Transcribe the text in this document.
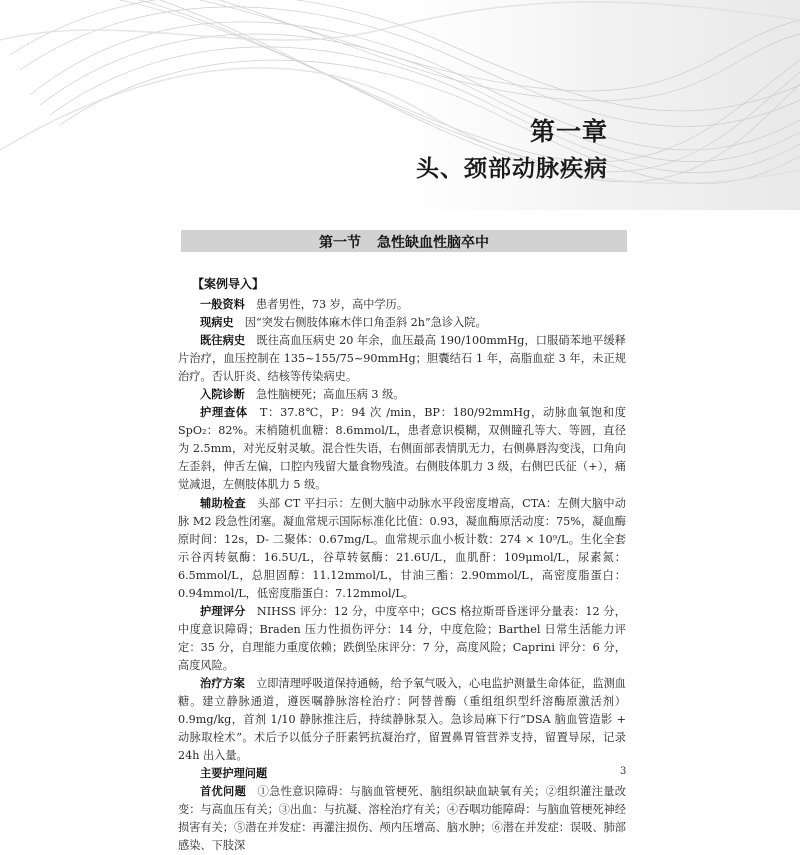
第一章
头、颈部动脉疾病
第一节 急性缺血性脑卒中
【案例导入】

一般资料　 患者男性，73 岁，高中学历。

现病史　 因“突发右侧肢体麻木伴口角歪斜 2h”急诊入院。

既往病史　 既往高血压病史 20 年余，血压最高 190/100mmHg，口服硝苯地平缓释片治疗，血压控制在 135~155/75~90mmHg；胆囊结石 1 年，高脂血症 3 年，未正规治疗。否认肝炎、结核等传染病史。

入院诊断　 急性脑梗死；高血压病 3 级。

护理查体　 T：37.8℃，P：94 次 /min，BP：180/92mmHg，动脉血氧饱和度 SpO₂：82%。末梢随机血糖：8.6mmol/L，患者意识模糊，双侧瞳孔等大、等圆，直径为 2.5mm，对光反射灵敏。混合性失语，右侧面部表情肌无力，右侧鼻唇沟变浅，口角向左歪斜，伸舌左偏，口腔内残留大量食物残渣。右侧肢体肌力 3 级，右侧巴氏征（+），痛觉减退，左侧肢体肌力 5 级。

辅助检查　 头部 CT 平扫示：左侧大脑中动脉水平段密度增高，CTA：左侧大脑中动脉 M2 段急性闭塞。凝血常规示国际标准化比值：0.93，凝血酶原活动度：75%，凝血酶原时间：12s，D- 二聚体：0.67mg/L。血常规示血小板计数：274 × 10⁹/L。生化全套示谷丙转氨酶：16.5U/L，谷草转氨酶：21.6U/L，血肌酐：109μmol/L，尿素氮：6.5mmol/L，总胆固醇：11.12mmol/L，甘油三酯：2.90mmol/L，高密度脂蛋白：0.94mmol/L，低密度脂蛋白：7.12mmol/L。

护理评分　 NIHSS 评分：12 分，中度卒中；GCS 格拉斯哥昏迷评分量表：12 分，中度意识障碍；Braden 压力性损伤评分：14 分，中度危险；Barthel 日常生活能力评定：35 分，自理能力重度依赖；跌倒坠床评分：7 分，高度风险；Caprini 评分：6 分，高度风险。

治疗方案　 立即清理呼吸道保持通畅，给予氧气吸入，心电监护测量生命体征，监测血糖。建立静脉通道，遵医嘱静脉溶栓治疗：阿替普酶（重组组织型纤溶酶原激活剂）0.9mg/kg，首剂 1/10 静脉推注后，持续静脉泵入。急诊局麻下行“DSA 脑血管造影 + 动脉取栓术”。术后予以低分子肝素钙抗凝治疗，留置鼻胃管营养支持，留置导尿，记录 24h 出入量。

主要护理问题

首优问题　 ①急性意识障碍：与脑血管梗死、脑组织缺血缺氧有关；②组织灌注量改变：与高血压有关；③出血：与抗凝、溶栓治疗有关；④吞咽功能障碍：与脑血管梗死神经损害有关；⑤潜在并发症：再灌注损伤、颅内压增高、脑水肿；⑥潜在并发症：误吸、肺部感染、下肢深

3
